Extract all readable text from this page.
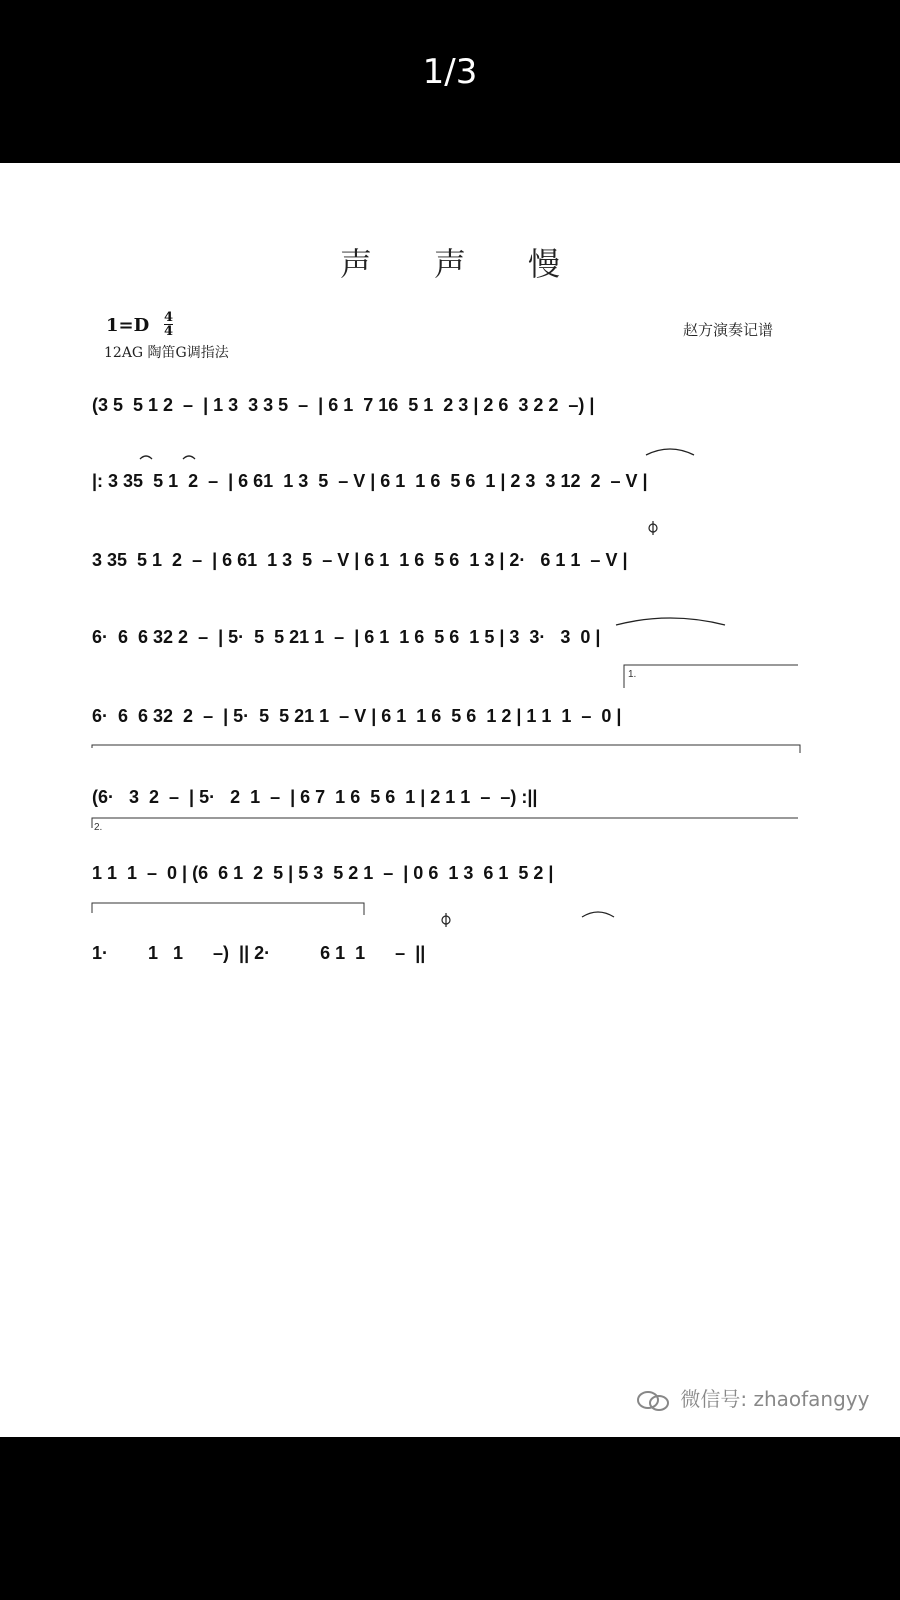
1/3
声声慢
$1=D \frac{4}{4}$
12AG 陶笛G调指法
赵方演奏记谱
(3 5  5 1 2  –  | 1 3  3 3 5  –  | 6 1  7 16  5 1  2 3 | 2 6  3 2 2  –) |
|: 3 35  5 1  2  –  | 6 61  1 3  5  – V | 6 1  1 6  5 6  1 | 2 3  3 12  2  – V |
3 35  5 1  2  –  | 6 61  1 3  5  – V | 6 1  1 6  5 6  1 3 | 2·   6 1 1  – V |
6·  6  6 32 2  –  | 5·  5  5 21 1  –  | 6 1  1 6  5 6  1 5 | 3  3·   3  0 |
6·  6  6 32  2  –  | 5·  5  5 21 1  – V | 6 1  1 6  5 6  1 2 | 1 1  1  –  0 |
(6·   3  2  –  | 5·   2  1  –  | 6 7  1 6  5 6  1 | 2 1 1  –  –) :||
1 1  1  –  0 | (6  6 1  2  5 | 5 3  5 2 1  –  | 0 6  1 3  6 1  5 2 |
1·        1   1      –)  || 2·          6 1  1      –  ||
1.
2.
微信号: zhaofangyy
